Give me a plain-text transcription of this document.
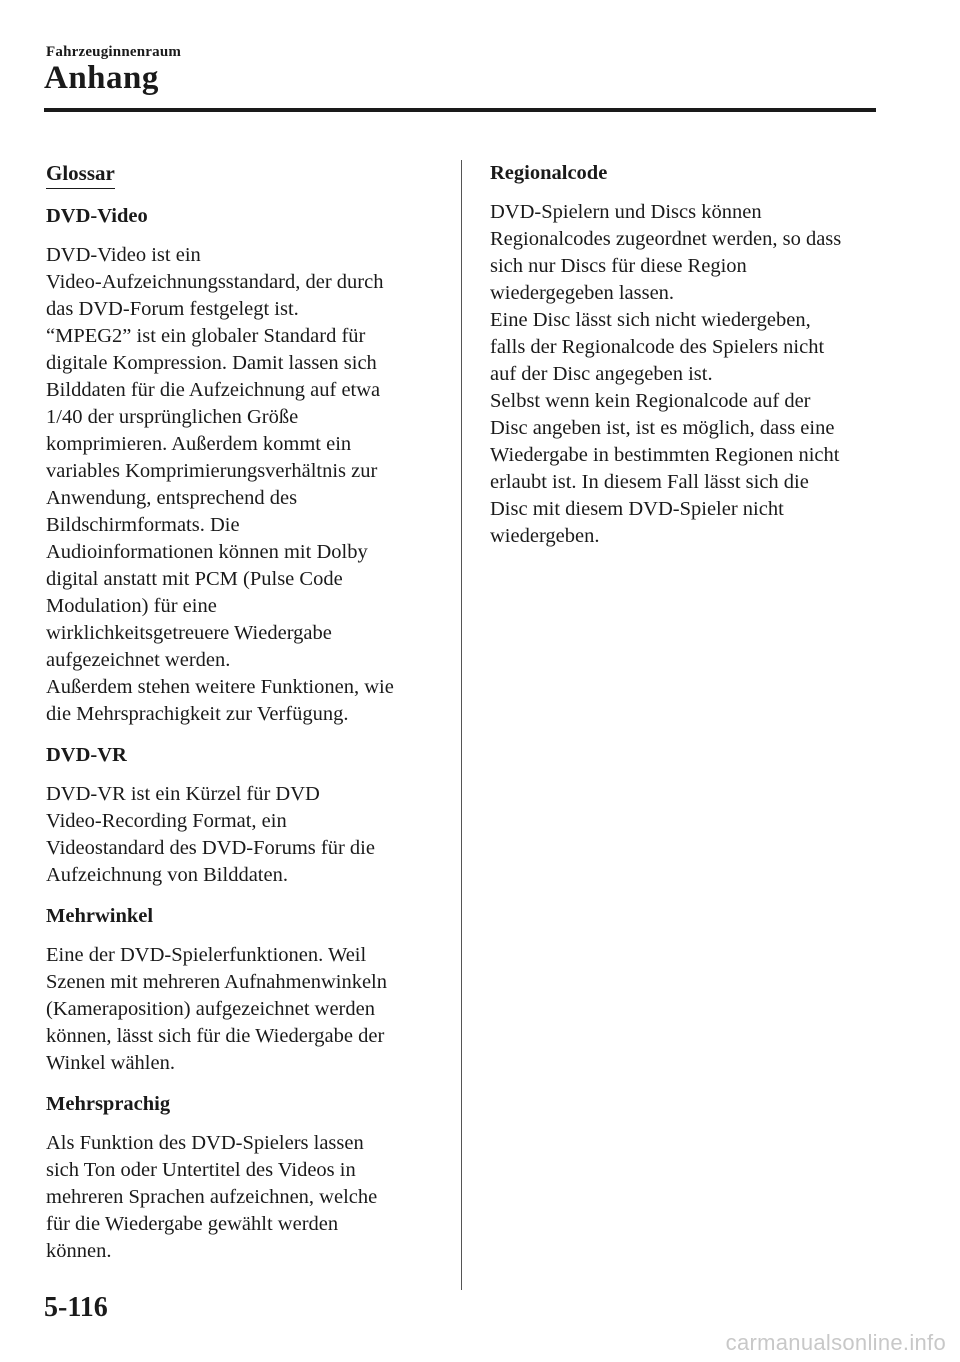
Fahrzeuginnenraum
Anhang
Glossar
DVD-Video

DVD-Video ist ein

Video-Aufzeichnungsstandard, der durch

das DVD-Forum festgelegt ist.

“MPEG2” ist ein globaler Standard für

digitale Kompression. Damit lassen sich

Bilddaten für die Aufzeichnung auf etwa

1/40 der ursprünglichen Größe

komprimieren. Außerdem kommt ein

variables Komprimierungsverhältnis zur

Anwendung, entsprechend des

Bildschirmformats. Die

Audioinformationen können mit Dolby

digital anstatt mit PCM (Pulse Code

Modulation) für eine

wirklichkeitsgetreuere Wiedergabe

aufgezeichnet werden.

Außerdem stehen weitere Funktionen, wie

die Mehrsprachigkeit zur Verfügung.

DVD-VR

DVD-VR ist ein Kürzel für DVD

Video-Recording Format, ein

Videostandard des DVD-Forums für die

Aufzeichnung von Bilddaten.

Mehrwinkel

Eine der DVD-Spielerfunktionen. Weil

Szenen mit mehreren Aufnahmenwinkeln

(Kameraposition) aufgezeichnet werden

können, lässt sich für die Wiedergabe der

Winkel wählen.

Mehrsprachig

Als Funktion des DVD-Spielers lassen

sich Ton oder Untertitel des Videos in

mehreren Sprachen aufzeichnen, welche

für die Wiedergabe gewählt werden

können.

Regionalcode

DVD-Spielern und Discs können

Regionalcodes zugeordnet werden, so dass

sich nur Discs für diese Region

wiedergegeben lassen.

Eine Disc lässt sich nicht wiedergeben,

falls der Regionalcode des Spielers nicht

auf der Disc angegeben ist.

Selbst wenn kein Regionalcode auf der

Disc angeben ist, ist es möglich, dass eine

Wiedergabe in bestimmten Regionen nicht

erlaubt ist. In diesem Fall lässt sich die

Disc mit diesem DVD-Spieler nicht

wiedergeben.

5-116
carmanualsonline.info
